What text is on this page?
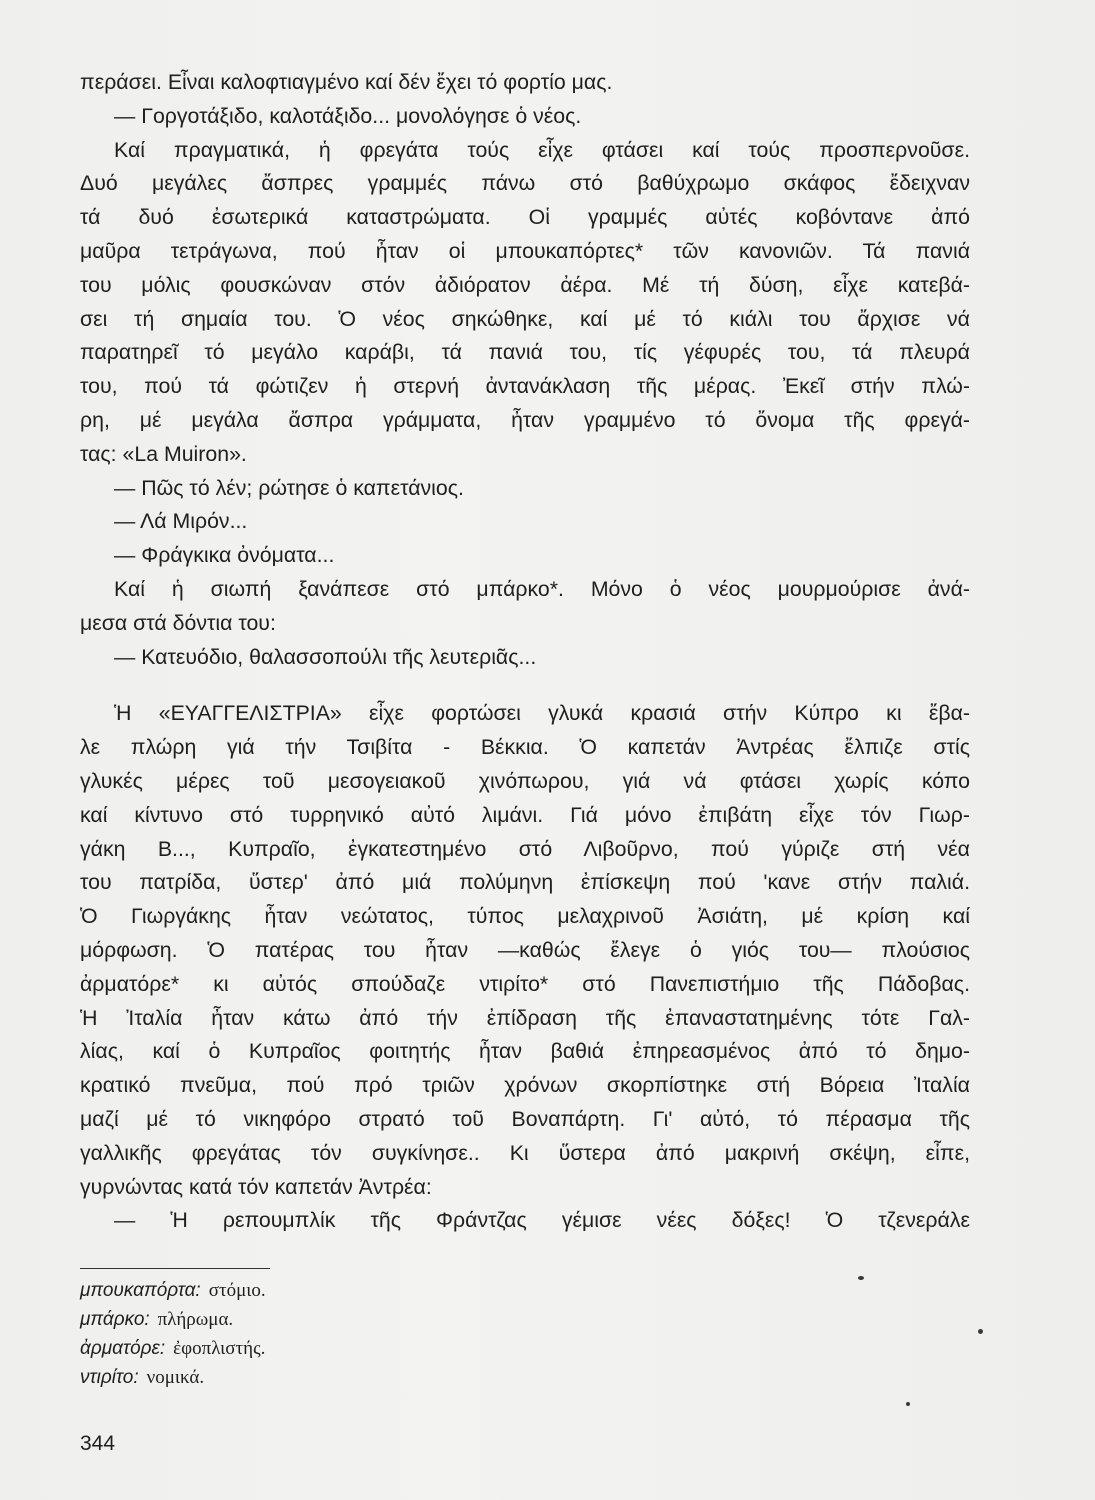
περάσει. Εἶναι καλοφτιαγμένο καί δέν ἔχει τό φορτίο μας.
— Γοργοτάξιδο, καλοτάξιδο... μονολόγησε ὁ νέος.
Καί πραγματικά, ἡ φρεγάτα τούς εἶχε φτάσει καί τούς προσπερνοῦσε.
Δυό μεγάλες ἄσπρες γραμμές πάνω στό βαθύχρωμο σκάφος ἔδειχναν
τά δυό ἐσωτερικά καταστρώματα. Οἱ γραμμές αὐτές κοβόντανε ἀπό
μαῦρα τετράγωνα, πού ἦταν οἱ μπουκαπόρτες* τῶν κανονιῶν. Τά πανιά
του μόλις φουσκώναν στόν ἀδιόρατον ἀέρα. Μέ τή δύση, εἶχε κατεβά-
σει τή σημαία του. Ὁ νέος σηκώθηκε, καί μέ τό κιάλι του ἄρχισε νά
παρατηρεῖ τό μεγάλο καράβι, τά πανιά του, τίς γέφυρές του, τά πλευρά
του, πού τά φώτιζεν ἡ στερνή ἀντανάκλαση τῆς μέρας. Ἐκεῖ στήν πλώ-
ρη, μέ μεγάλα ἄσπρα γράμματα, ἦταν γραμμένο τό ὄνομα τῆς φρεγά-
τας: «La Muiron».
— Πῶς τό λέν; ρώτησε ὁ καπετάνιος.
— Λά Μιρόν...
— Φράγκικα ὀνόματα...
Καί ἡ σιωπή ξανάπεσε στό μπάρκο*. Μόνο ὁ νέος μουρμούρισε ἀνά-
μεσα στά δόντια του:
— Κατευόδιο, θαλασσοπούλι τῆς λευτεριᾶς...
Ἡ «ΕΥΑΓΓΕΛΙΣΤΡΙΑ» εἶχε φορτώσει γλυκά κρασιά στήν Κύπρο κι ἔβα-
λε πλώρη γιά τήν Τσιβίτα - Βέκκια. Ὁ καπετάν Ἀντρέας ἔλπιζε στίς
γλυκές μέρες τοῦ μεσογειακοῦ χινόπωρου, γιά νά φτάσει χωρίς κόπο
καί κίντυνο στό τυρρηνικό αὐτό λιμάνι. Γιά μόνο ἐπιβάτη εἶχε τόν Γιωρ-
γάκη Β..., Κυπραῖο, ἐγκατεστημένο στό Λιβοῦρνο, πού γύριζε στή νέα
του πατρίδα, ὕστερ' ἀπό μιά πολύμηνη ἐπίσκεψη πού 'κανε στήν παλιά.
Ὁ Γιωργάκης ἦταν νεώτατος, τύπος μελαχρινοῦ Ἀσιάτη, μέ κρίση καί
μόρφωση. Ὁ πατέρας του ἦταν —καθώς ἔλεγε ὁ γιός του— πλούσιος
ἀρματόρε* κι αὐτός σπούδαζε ντιρίτο* στό Πανεπιστήμιο τῆς Πάδοβας.
Ἡ Ἰταλία ἦταν κάτω ἀπό τήν ἐπίδραση τῆς ἐπαναστατημένης τότε Γαλ-
λίας, καί ὁ Κυπραῖος φοιτητής ἦταν βαθιά ἐπηρεασμένος ἀπό τό δημο-
κρατικό πνεῦμα, πού πρό τριῶν χρόνων σκορπίστηκε στή Βόρεια Ἰταλία
μαζί μέ τό νικηφόρο στρατό τοῦ Βοναπάρτη. Γι' αὐτό, τό πέρασμα τῆς
γαλλικῆς φρεγάτας τόν συγκίνησε.. Κι ὕστερα ἀπό μακρινή σκέψη, εἶπε,
γυρνώντας κατά τόν καπετάν Ἀντρέα:
— Ἡ ρεπουμπλίκ τῆς Φράντζας γέμισε νέες δόξες! Ὁ τζενεράλε
μπουκαπόρτα: στόμιο.
μπάρκο: πλήρωμα.
ἀρματόρε: ἐφοπλιστής.
ντιρίτο: νομικά.
344
